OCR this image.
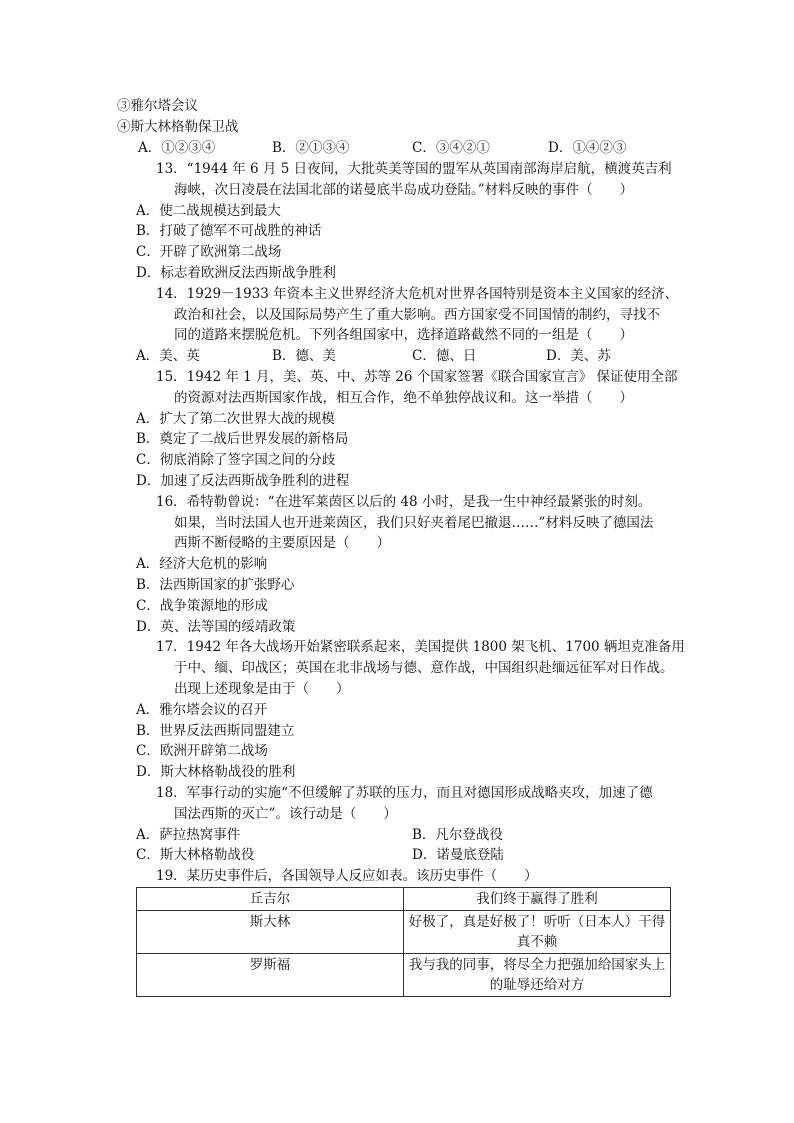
③雅尔塔会议
④斯大林格勒保卫战
A．①②③④	B．②①③④	C．③④②①	D．①④②③
13．“1944 年 6 月 5 日夜间，大批英美等国的盟军从英国南部海岸启航，横渡英吉利
海峡，次日凌晨在法国北部的诺曼底半岛成功登陆。”材料反映的事件（　　）
A．使二战规模达到最大
B．打破了德军不可战胜的神话
C．开辟了欧洲第二战场
D．标志着欧洲反法西斯战争胜利
14．1929－1933 年资本主义世界经济大危机对世界各国特别是资本主义国家的经济、
政治和社会，以及国际局势产生了重大影响。西方国家受不同国情的制约，寻找不
同的道路来摆脱危机。下列各组国家中，选择道路截然不同的一组是（　　）
A．美、英	B．德、美	C．德、日	D．美、苏
15．1942 年 1 月，美、英、中、苏等 26 个国家签署《联合国家宣言》 保证使用全部
的资源对法西斯国家作战，相互合作，绝不单独停战议和。这一举措（　　）
A．扩大了第二次世界大战的规模
B．奠定了二战后世界发展的新格局
C．彻底消除了签字国之间的分歧
D．加速了反法西斯战争胜利的进程
16．希特勒曾说：“在进军莱茵区以后的 48 小时，是我一生中神经最紧张的时刻。
如果，当时法国人也开进莱茵区，我们只好夹着尾巴撤退……”材料反映了德国法
西斯不断侵略的主要原因是（　　）
A．经济大危机的影响
B．法西斯国家的扩张野心
C．战争策源地的形成
D．英、法等国的绥靖政策
17．1942 年各大战场开始紧密联系起来，美国提供 1800 架飞机、1700 辆坦克准备用
于中、缅、印战区；英国在北非战场与德、意作战，中国组织赴缅远征军对日作战。
出现上述现象是由于（　　）
A．雅尔塔会议的召开
B．世界反法西斯同盟建立
C．欧洲开辟第二战场
D．斯大林格勒战役的胜利
18．军事行动的实施“不但缓解了苏联的压力，而且对德国形成战略夹攻，加速了德
国法西斯的灭亡”。该行动是（　　）
A．萨拉热窝事件	B．凡尔登战役
C．斯大林格勒战役	D．诺曼底登陆
19．某历史事件后，各国领导人反应如表。该历史事件（　　）
丘吉尔	我们终于赢得了胜利

斯大林	好极了，真是好极了！听听（日本人）干得
真不赖

罗斯福	我与我的同事，将尽全力把强加给国家头上
的耻辱还给对方
